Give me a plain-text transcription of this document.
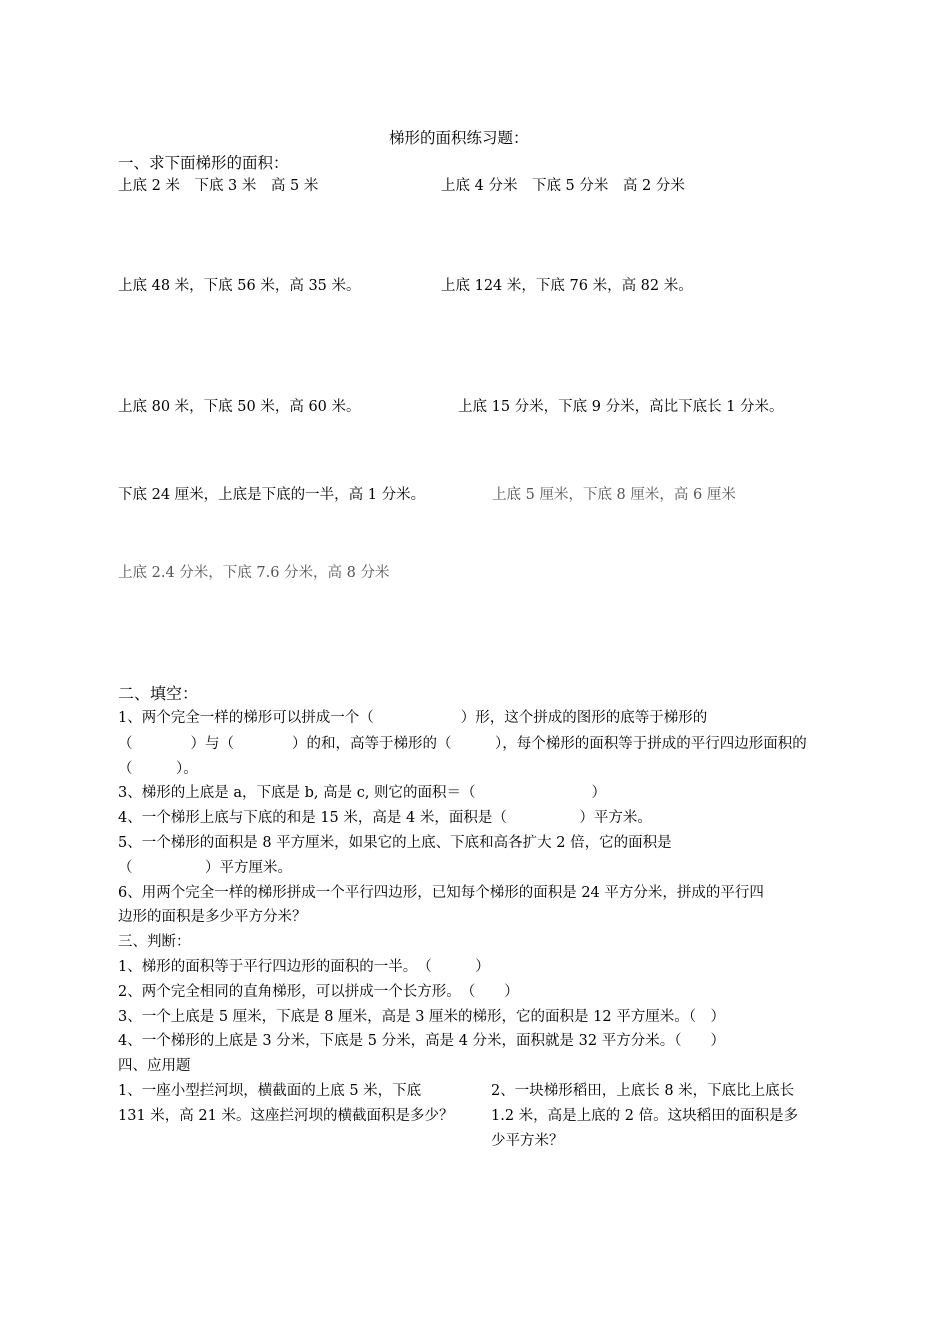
梯形的面积练习题：
一、求下面梯形的面积：
上底 2 米　下底 3 米　高 5 米	上底 4 分米　下底 5 分米　高 2 分米
上底 48 米，下底 56 米，高 35 米。	上底 124 米，下底 76 米，高 82 米。
上底 80 米，下底 50 米，高 60 米。	上底 15 分米，下底 9 分米，高比下底长 1 分米。
下底 24 厘米，上底是下底的一半，高 1 分米。	上底 5 厘米，下底 8 厘米，高 6 厘米
上底 2.4 分米，下底 7.6 分米，高 8 分米
二、填空：
1、两个完全一样的梯形可以拼成一个（　　　　　　）形，这个拼成的图形的底等于梯形的
（　　　　）与（　　　　）的和，高等于梯形的（　　　），每个梯形的面积等于拼成的平行四边形面积的
（　　　）。
3、梯形的上底是 a，下底是 b, 高是 c, 则它的面积＝（　　　　　　　　）
4、一个梯形上底与下底的和是 15 米，高是 4 米，面积是（　　　　　）平方米。
5、一个梯形的面积是 8 平方厘米，如果它的上底、下底和高各扩大 2 倍，它的面积是
（　　　　　）平方厘米。
6、用两个完全一样的梯形拼成一个平行四边形，已知每个梯形的面积是 24 平方分米，拼成的平行四
边形的面积是多少平方分米？
三、判断：
1、梯形的面积等于平行四边形的面积的一半。　（　　　）
2、两个完全相同的直角梯形，可以拼成一个长方形。　（　　）
3、一个上底是 5 厘米，下底是 8 厘米，高是 3 厘米的梯形，它的面积是 12 平方厘米。（　）
4、一个梯形的上底是 3 分米，下底是 5 分米，高是 4 分米，面积就是 32 平方分米。（　　）
四、应用题
1、一座小型拦河坝，横截面的上底 5 米，下底
131 米，高 21 米。这座拦河坝的横截面积是多少？
2、一块梯形稻田，上底长 8 米，下底比上底长
1.2 米，高是上底的 2 倍。这块稻田的面积是多
少平方米？
